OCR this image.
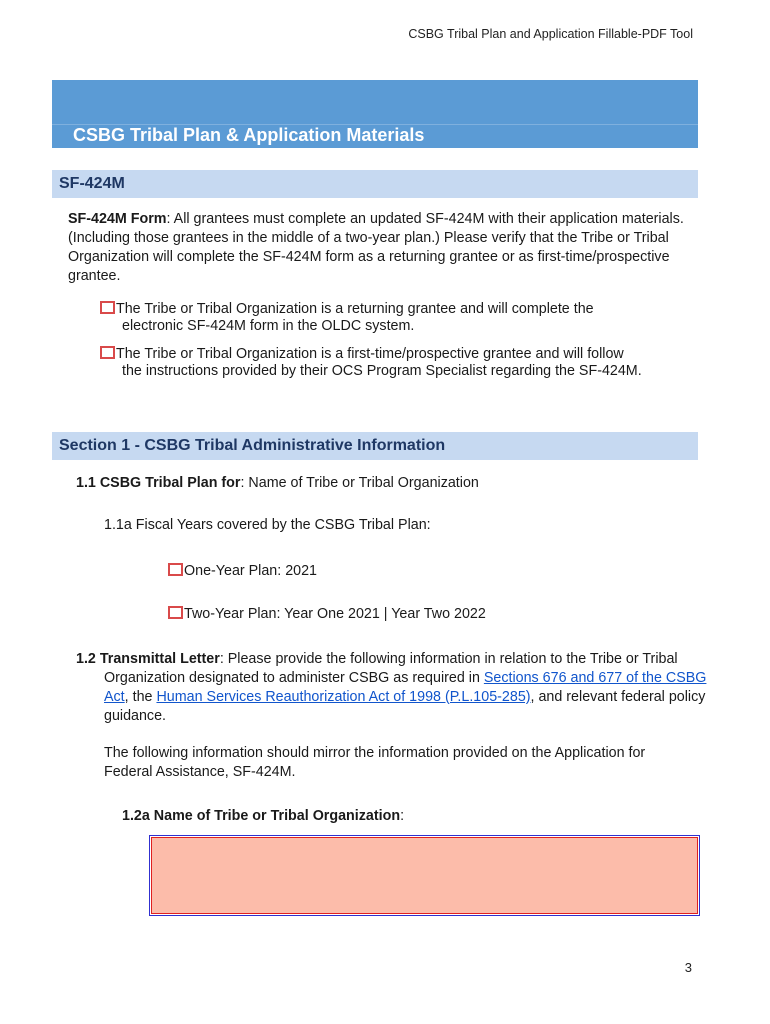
CSBG Tribal Plan and Application Fillable-PDF Tool
CSBG Tribal Plan & Application Materials
SF-424M
SF-424M Form: All grantees must complete an updated SF-424M with their application materials. (Including those grantees in the middle of a two-year plan.) Please verify that the Tribe or Tribal Organization will complete the SF-424M form as a returning grantee or as first-time/prospective grantee.
The Tribe or Tribal Organization is a returning grantee and will complete the
electronic SF-424M form in the OLDC system.
The Tribe or Tribal Organization is a first-time/prospective grantee and will follow
the instructions provided by their OCS Program Specialist regarding the SF-424M.
Section 1 - CSBG Tribal Administrative Information
1.1 CSBG Tribal Plan for: Name of Tribe or Tribal Organization
1.1a Fiscal Years covered by the CSBG Tribal Plan:
One-Year Plan: 2021
Two-Year Plan: Year One 2021 | Year Two 2022
1.2 Transmittal Letter: Please provide the following information in relation to the Tribe or Tribal Organization designated to administer CSBG as required in Sections 676 and 677 of the CSBG Act, the Human Services Reauthorization Act of 1998 (P.L.105-285), and relevant federal policy guidance.
The following information should mirror the information provided on the Application for Federal Assistance, SF-424M.
1.2a Name of Tribe or Tribal Organization:
3
